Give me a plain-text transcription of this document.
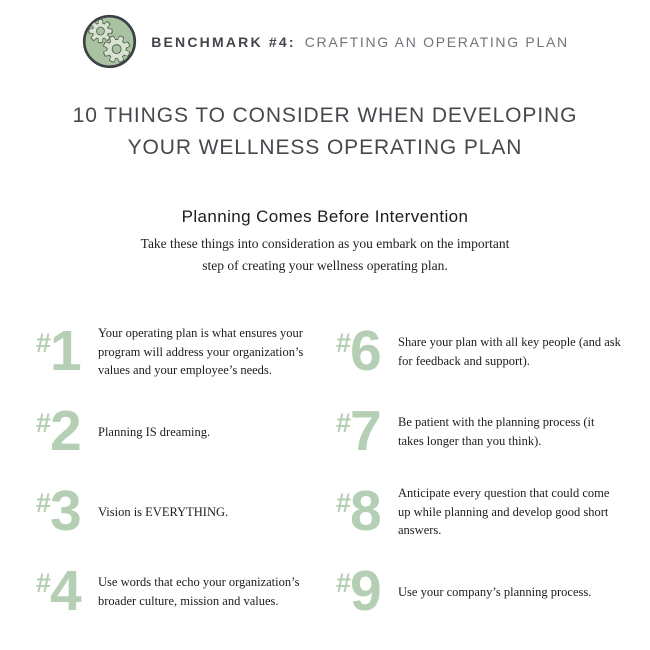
BENCHMARK #4: CRAFTING AN OPERATING PLAN
10 THINGS TO CONSIDER WHEN DEVELOPING
YOUR WELLNESS OPERATING PLAN
Planning Comes Before Intervention

Take these things into consideration as you embark on the important
step of creating your wellness operating plan.

# 1 Your operating plan is what ensures your program will address your organization’s values and your employee’s needs.

# 2 Planning IS dreaming.

# 3 Vision is EVERYTHING.

# 4 Use words that echo your organization’s broader culture, mission and values.

# 6 Share your plan with all key people (and ask for feedback and support).

# 7 Be patient with the planning process (it takes longer than you think).

# 8 Anticipate every question that could come up while planning and develop good short answers.

# 9 Use your company’s planning process.
